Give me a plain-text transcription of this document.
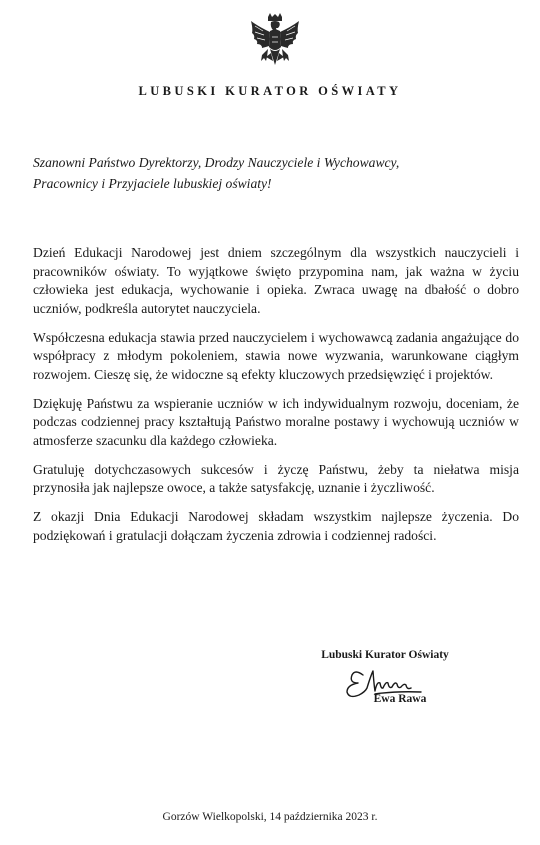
LUBUSKI KURATOR OŚWIATY
Szanowni Państwo Dyrektorzy, Drodzy Nauczyciele i Wychowawcy,
Pracownicy i Przyjaciele lubuskiej oświaty!

Dzień Edukacji Narodowej jest dniem szczególnym dla wszystkich nauczycieli i pracowników oświaty. To wyjątkowe święto przypomina nam, jak ważna w życiu człowieka jest edukacja, wychowanie i opieka. Zwraca uwagę na dbałość o dobro uczniów, podkreśla autorytet nauczyciela.

Współczesna edukacja stawia przed nauczycielem i wychowawcą zadania angażujące do współpracy z młodym pokoleniem, stawia nowe wyzwania, warunkowane ciągłym rozwojem. Cieszę się, że widoczne są efekty kluczowych przedsięwzięć i projektów.

Dziękuję Państwu za wspieranie uczniów w ich indywidualnym rozwoju, doceniam, że podczas codziennej pracy kształtują Państwo moralne postawy i wychowują uczniów w atmosferze szacunku dla każdego człowieka.

Gratuluję dotychczasowych sukcesów i życzę Państwu, żeby ta niełatwa misja przynosiła jak najlepsze owoce, a także satysfakcję, uznanie i życzliwość.

Z okazji Dnia Edukacji Narodowej składam wszystkim najlepsze życzenia. Do podziękowań i gratulacji dołączam życzenia zdrowia i codziennej radości.

Lubuski Kurator Oświaty
Ewa Rawa
Gorzów Wielkopolski, 14 października 2023 r.
